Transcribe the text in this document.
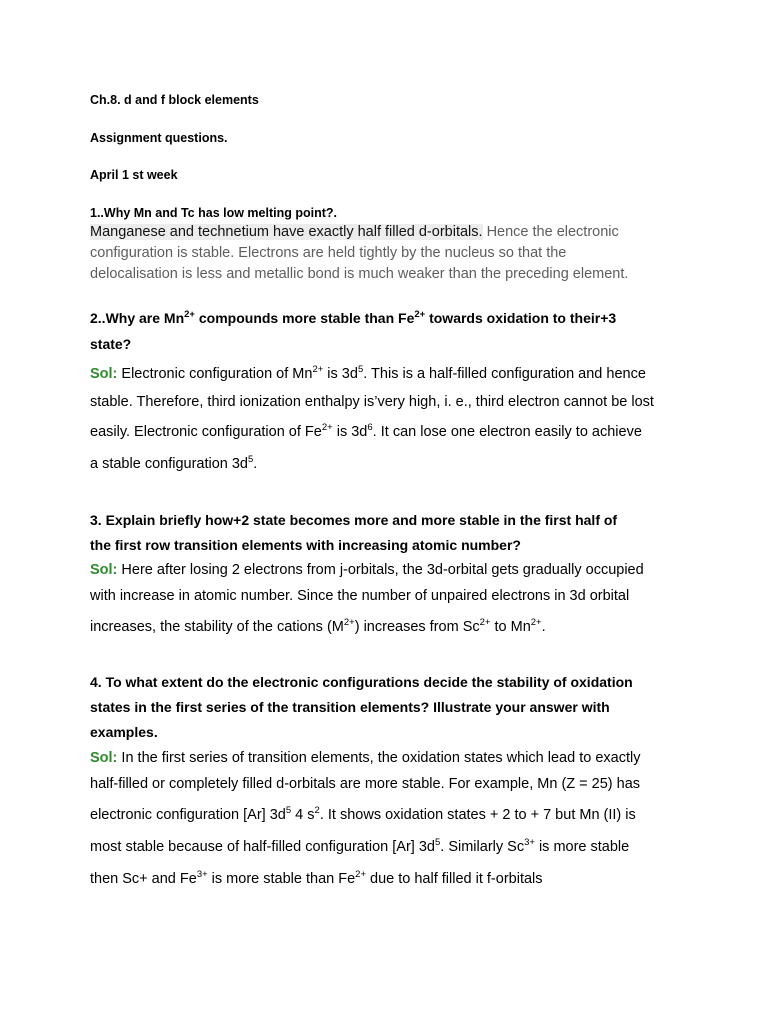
Ch.8. d and f block elements
Assignment questions.
April 1 st week
1..Why Mn and Tc has low melting point?.
Manganese and technetium have exactly half filled d-orbitals. Hence the electronic
configuration is stable. Electrons are held tightly by the nucleus so that the
delocalisation is less and metallic bond is much weaker than the preceding element.
2..Why are $Mn^{2+}$ compounds more stable than $Fe^{2+}$ towards oxidation to their+3
state?
Sol: Electronic configuration of $Mn^{2+}$ is $3d^5$. This is a half-filled configuration and hence
stable. Therefore, third ionization enthalpy is’very high, i. e., third electron cannot be lost
easily. Electronic configuration of $Fe^{2+}$ is $3d^6$. It can lose one electron easily to achieve
a stable configuration $3d^5$.
3. Explain briefly how+2 state becomes more and more stable in the first half of
the first row transition elements with increasing atomic number?
Sol: Here after losing 2 electrons from j-orbitals, the 3d-orbital gets gradually occupied
with increase in atomic number. Since the number of unpaired electrons in 3d orbital
increases, the stability of the cations $(M^{2+})$ increases from $Sc^{2+}$ to $Mn^{2+}$.
4. To what extent do the electronic configurations decide the stability of oxidation
states in the first series of the transition elements? Illustrate your answer with
examples.
Sol: In the first series of transition elements, the oxidation states which lead to exactly
half-filled or completely filled d-orbitals are more stable. For example, Mn (Z = 25) has
electronic configuration [Ar] $3d^5$ 4 $s^2$. It shows oxidation states + 2 to + 7 but Mn (II) is
most stable because of half-filled configuration [Ar] $3d^5$. Similarly $Sc^{3+}$ is more stable
then Sc+ and $Fe^{3+}$ is more stable than $Fe^{2+}$ due to half filled it f-orbitals
